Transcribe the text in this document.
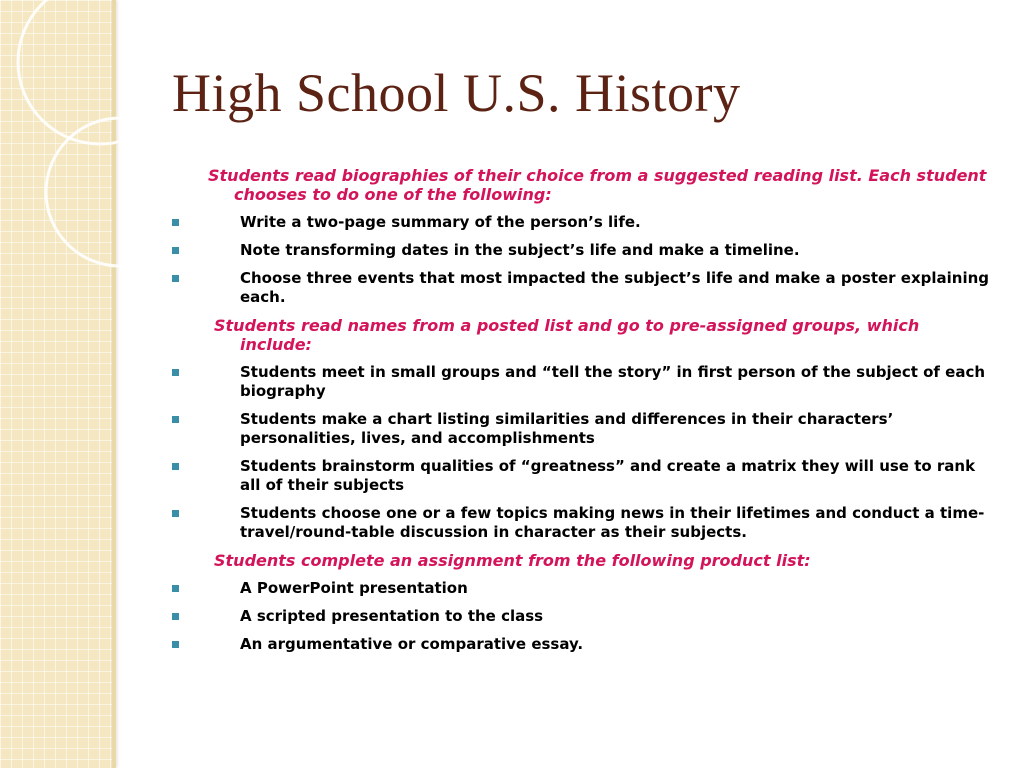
High School U.S. History

Students read biographies of their choice from a suggested reading list. Each student chooses to do one of the following:

Write a two-page summary of the person’s life.

Note transforming dates in the subject’s life and make a timeline.

Choose three events that most impacted the subject’s life and make a poster explaining each.

Students read names from a posted list and go to pre-assigned groups, which include:

Students meet in small groups and “tell the story” in first person of the subject of each biography

Students make a chart listing similarities and differences in their characters’ personalities, lives, and accomplishments

Students brainstorm qualities of “greatness” and create a matrix they will use to rank all of their subjects

Students choose one or a few topics making news in their lifetimes and conduct a time-travel/round-table discussion in character as their subjects.

Students complete an assignment from the following product list:

A PowerPoint presentation

A scripted presentation to the class

An argumentative or comparative essay.
